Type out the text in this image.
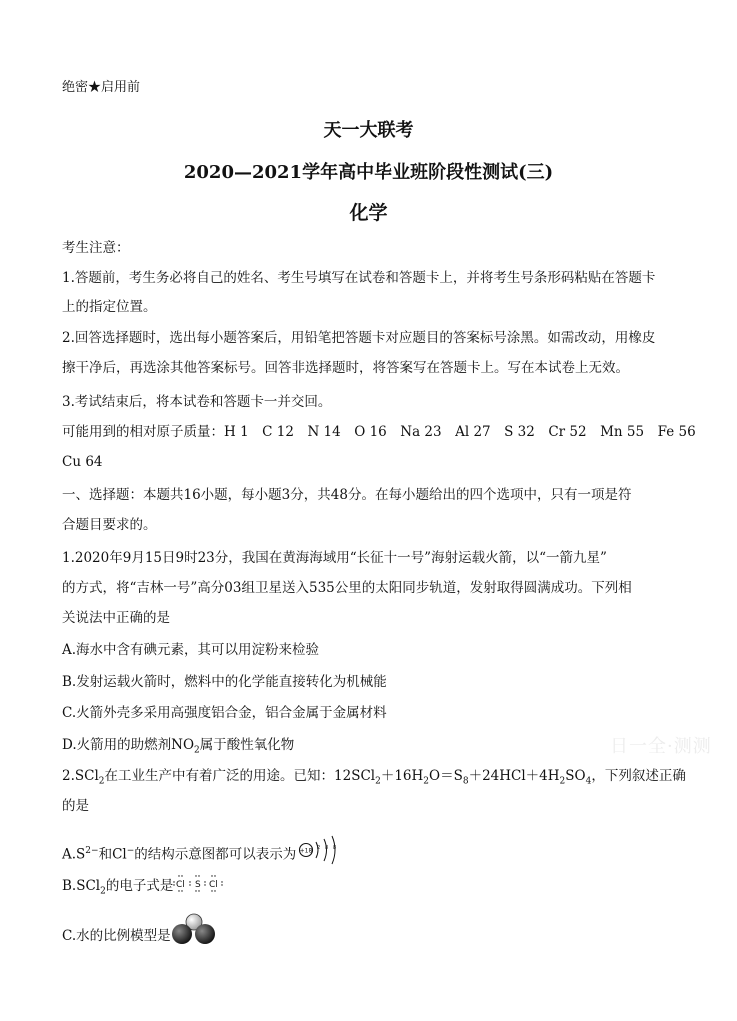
绝密★启用前
天一大联考
2020—2021学年高中毕业班阶段性测试(三)
化学
考生注意：
1.答题前，考生务必将自己的姓名、考生号填写在试卷和答题卡上，并将考生号条形码粘贴在答题卡
上的指定位置。
2.回答选择题时，选出每小题答案后，用铅笔把答题卡对应题目的答案标号涂黑。如需改动，用橡皮
擦干净后，再选涂其他答案标号。回答非选择题时，将答案写在答题卡上。写在本试卷上无效。
3.考试结束后，将本试卷和答题卡一并交回。
可能用到的相对原子质量：H 1　C 12　N 14　O 16　Na 23　Al 27　S 32　Cr 52　Mn 55　Fe 56
Cu 64
一、选择题：本题共16小题，每小题3分，共48分。在每小题给出的四个选项中，只有一项是符
合题目要求的。
1.2020年9月15日9时23分，我国在黄海海域用“长征十一号”海射运载火箭，以“一箭九星”
的方式，将“吉林一号”高分03组卫星送入535公里的太阳同步轨道，发射取得圆满成功。下列相
关说法中正确的是
A.海水中含有碘元素，其可以用淀粉来检验
B.发射运载火箭时，燃料中的化学能直接转化为机械能
C.火箭外壳多采用高强度铝合金，铝合金属于金属材料
D.火箭用的助燃剂$NO_2$属于酸性氧化物
2.SCl$_2$在工业生产中有着广泛的用途。已知：$12SCl_2+16H_2O=S_8+24HCl+4H_2SO_4$，下列叙述正确
的是
$A.S^{2-}$和Cl−的结构示意图都可以表示为 +18 2 8 8
B.SCl$_2$的电子式是 Cl S Cl
C.水的比例模型是
日一全·测测
